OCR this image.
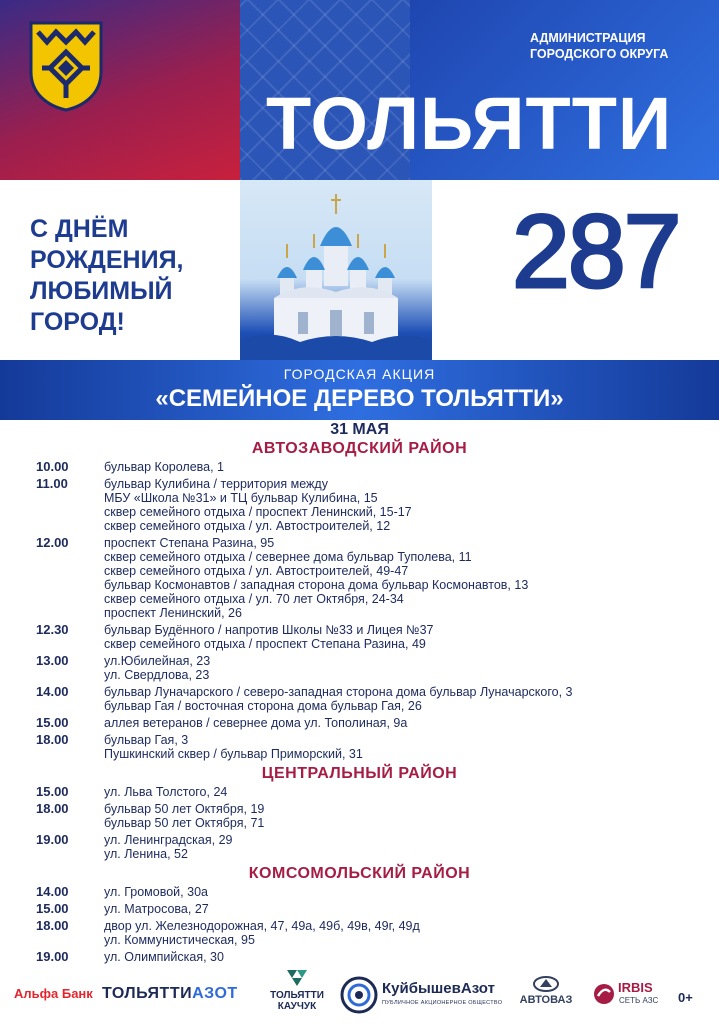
АДМИНИСТРАЦИЯ
ГОРОДСКОГО ОКРУГА
ТОЛЬЯТТИ
С ДНЁМ
РОЖДЕНИЯ,
ЛЮБИМЫЙ
ГОРОД!
287
ГОРОДСКАЯ АКЦИЯ
«СЕМЕЙНОЕ ДЕРЕВО ТОЛЬЯТТИ»
31 МАЯ
АВТОЗАВОДСКИЙ РАЙОН
10.00	бульвар Королева, 1
11.00	бульвар Кулибина / территория между
МБУ «Школа №31» и ТЦ бульвар Кулибина, 15
сквер семейного отдыха / проспект Ленинский, 15-17
сквер семейного отдыха / ул. Автостроителей, 12
12.00	проспект Степана Разина, 95
сквер семейного отдыха / севернее дома бульвар Туполева, 11
сквер семейного отдыха / ул. Автостроителей, 49-47
бульвар Космонавтов / западная сторона дома бульвар Космонавтов, 13
сквер семейного отдыха / ул. 70 лет Октября, 24-34
проспект Ленинский, 26
12.30	бульвар Будённого / напротив Школы №33 и Лицея №37
сквер семейного отдыха / проспект Степана Разина, 49
13.00	ул.Юбилейная, 23
ул. Свердлова, 23
14.00	бульвар Луначарского / северо-западная сторона дома бульвар Луначарского, 3
бульвар Гая / восточная сторона дома бульвар Гая, 26
15.00	аллея ветеранов / севернее дома ул. Тополиная, 9а
18.00	бульвар Гая, 3
Пушкинский сквер / бульвар Приморский, 31
ЦЕНТРАЛЬНЫЙ РАЙОН
15.00	ул. Льва Толстого, 24
18.00	бульвар 50 лет Октября, 19
бульвар 50 лет Октября, 71
19.00	ул. Ленинградская, 29
ул. Ленина, 52
КОМСОМОЛЬСКИЙ РАЙОН
14.00	ул. Громовой, 30а
15.00	ул. Матросова, 27
18.00	двор ул. Железнодорожная, 47, 49а, 49б, 49в, 49г, 49д
ул. Коммунистическая, 95
19.00	ул. Олимпийская, 30
Альфа Банк ТОЛЬЯТТИАЗОТ	ТОЛЬЯТТИ
КАУЧУК
КуйбышевАзот
ПУБЛИЧНОЕ АКЦИОНЕРНОЕ ОБЩЕСТВО	АВТОВАЗ
IRBIS
СЕТЬ АЗС 0+
